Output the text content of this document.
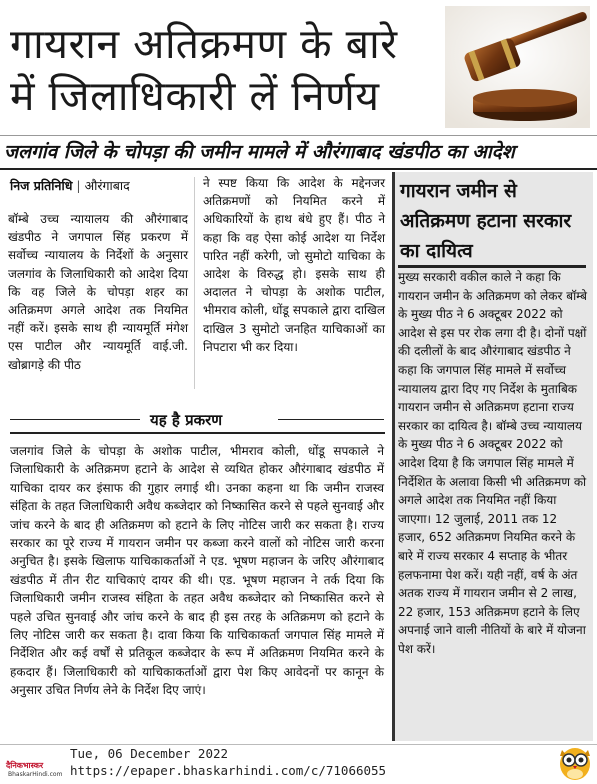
गायरान अतिक्रमण के बारे
में जिलाधिकारी लें निर्णय
जलगांव जिले के चोपड़ा की जमीन मामले में औरंगाबाद खंडपीठ का आदेश
निज प्रतिनिधि | औरंगाबाद
बॉम्बे उच्च न्यायालय की औरंगाबाद खंडपीठ ने जगपाल सिंह प्रकरण में सर्वोच्च न्यायालय के निर्देशों के अनुसार जलगांव के जिलाधिकारी को आदेश दिया कि वह जिले के चोपड़ा शहर का अतिक्रमण अगले आदेश तक नियमित नहीं करें। इसके साथ ही न्यायमूर्ति मंगेश एस पाटील और न्यायमूर्ति वाई.जी. खोब्रागड़े की पीठ
ने स्पष्ट किया कि आदेश के मद्देनजर अतिक्रमणों को नियमित करने में अधिकारियों के हाथ बंधे हुए हैं। पीठ ने कहा कि वह ऐसा कोई आदेश या निर्देश पारित नहीं करेगी, जो सुमोटो याचिका के आदेश के विरुद्ध हो। इसके साथ ही अदालत ने चोपड़ा के अशोक पाटील, भीमराव कोली, धोंडू सपकाले द्वारा दाखिल दाखिल 3 सुमोटो जनहित याचिकाओं का निपटारा भी कर दिया।
गायरान जमीन से अतिक्रमण हटाना सरकार का दायित्व
मुख्य सरकारी वकील काले ने कहा कि गायरान जमीन के अतिक्रमण को लेकर बॉम्बे के मुख्य पीठ ने 6 अक्टूबर 2022 को आदेश से इस पर रोक लगा दी है। दोनों पक्षों की दलीलों के बाद औरंगाबाद खंडपीठ ने कहा कि जगपाल सिंह मामले में सर्वोच्च न्यायालय द्वारा दिए गए निर्देश के मुताबिक गायरान जमीन से अतिक्रमण हटाना राज्य सरकार का दायित्व है। बॉम्बे उच्च न्यायालय के मुख्य पीठ ने 6 अक्टूबर 2022 को आदेश दिया है कि जगपाल सिंह मामले में निर्देशित के अलावा किसी भी अतिक्रमण को अगले आदेश तक नियमित नहीं किया जाएगा। 12 जुलाई, 2011 तक 12 हजार, 652 अतिक्रमण नियमित करने के बारे में राज्य सरकार 4 सप्ताह के भीतर हलफनामा पेश करें। यही नहीं, वर्ष के अंत अतक राज्य में गायरान जमीन से 2 लाख, 22 हजार, 153 अतिक्रमण हटाने के लिए अपनाई जाने वाली नीतियों के बारे में योजना पेश करें।
यह है प्रकरण
जलगांव जिले के चोपड़ा के अशोक पाटील, भीमराव कोली, धोंडू सपकाले ने जिलाधिकारी के अतिक्रमण हटाने के आदेश से व्यथित होकर औरंगाबाद खंडपीठ में याचिका दायर कर इंसाफ की गुहार लगाई थी। उनका कहना था कि जमीन राजस्व संहिता के तहत जिलाधिकारी अवैध कब्जेदार को निष्कासित करने से पहले सुनवाई और जांच करने के बाद ही अतिक्रमण को हटाने के लिए नोटिस जारी कर सकता है। राज्य सरकार का पूरे राज्य में गायरान जमीन पर कब्जा करने वालों को नोटिस जारी करना अनुचित है। इसके खिलाफ याचिकाकर्ताओं ने एड. भूषण महाजन के जरिए औरंगाबाद खंडपीठ में तीन रीट याचिकाएं दायर की थी। एड. भूषण महाजन ने तर्क दिया कि जिलाधिकारी जमीन राजस्व संहिता के तहत अवैध कब्जेदार को निष्कासित करने से पहले उचित सुनवाई और जांच करने के बाद ही इस तरह के अतिक्रमण को हटाने के लिए नोटिस जारी कर सकता है। दावा किया कि याचिकाकर्ता जगपाल सिंह मामले में निर्देशित और कई वर्षों से प्रतिकूल कब्जेदार के रूप में अतिक्रमण नियमित करने के हकदार हैं। जिलाधिकारी को याचिकाकर्ताओं द्वारा पेश किए आवेदनों पर कानून के अनुसार उचित निर्णय लेने के निर्देश दिए जाएं।
दैनिकभास्कर
BhaskarHindi.com
Tue, 06 December 2022
https://epaper.bhaskarhindi.com/c/71066055
